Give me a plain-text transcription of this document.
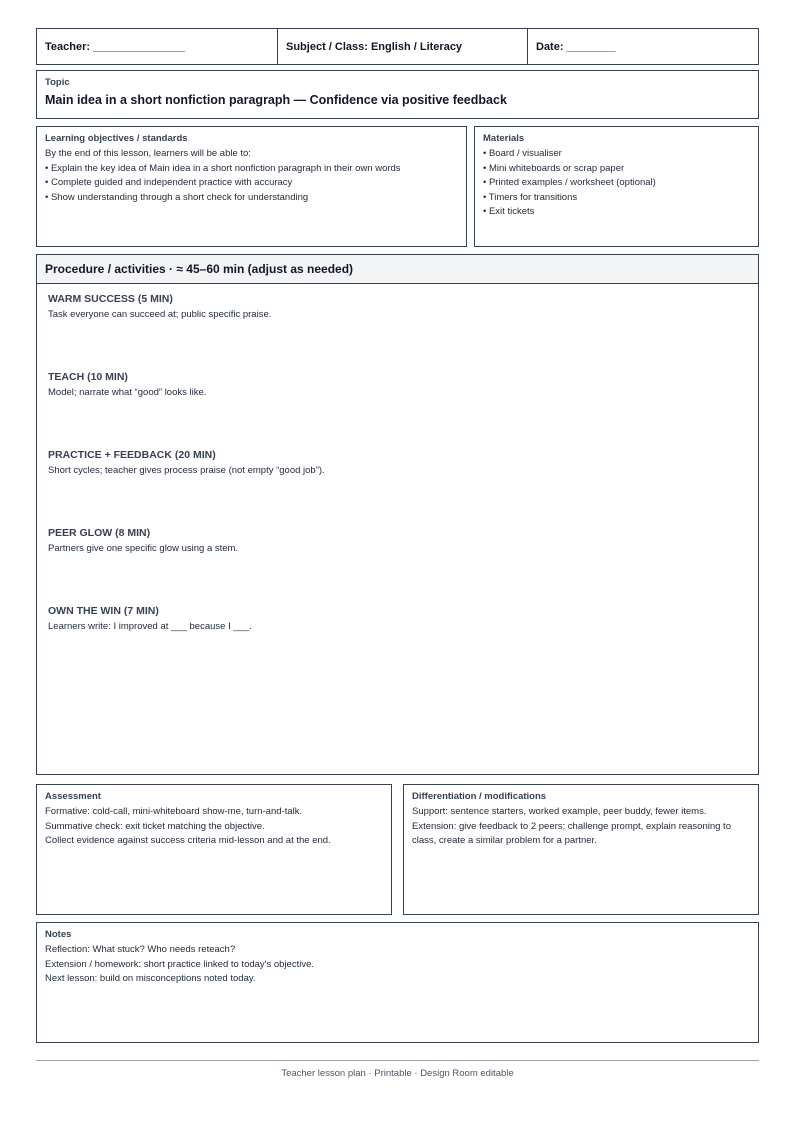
Teacher: _______________	Subject / Class: English / Literacy	Date: ________
Topic
Main idea in a short nonfiction paragraph — Confidence via positive feedback
Learning objectives / standards
By the end of this lesson, learners will be able to:
• Explain the key idea of Main idea in a short nonfiction paragraph in their own words
• Complete guided and independent practice with accuracy
• Show understanding through a short check for understanding
Materials
• Board / visualiser
• Mini whiteboards or scrap paper
• Printed examples / worksheet (optional)
• Timers for transitions
• Exit tickets
Procedure / activities · ≈ 45–60 min (adjust as needed)
WARM SUCCESS (5 MIN)
Task everyone can succeed at; public specific praise.
TEACH (10 MIN)
Model; narrate what “good” looks like.
PRACTICE + FEEDBACK (20 MIN)
Short cycles; teacher gives process praise (not empty “good job”).
PEER GLOW (8 MIN)
Partners give one specific glow using a stem.
OWN THE WIN (7 MIN)
Learners write: I improved at ___ because I ___.
Assessment
Formative: cold-call, mini-whiteboard show-me, turn-and-talk.
Summative check: exit ticket matching the objective.
Collect evidence against success criteria mid-lesson and at the end.
Differentiation / modifications
Support: sentence starters, worked example, peer buddy, fewer items.
Extension: give feedback to 2 peers; challenge prompt, explain reasoning to class, create a similar problem for a partner.
Notes
Reflection: What stuck? Who needs reteach?
Extension / homework: short practice linked to today's objective.
Next lesson: build on misconceptions noted today.
Teacher lesson plan · Printable · Design Room editable
